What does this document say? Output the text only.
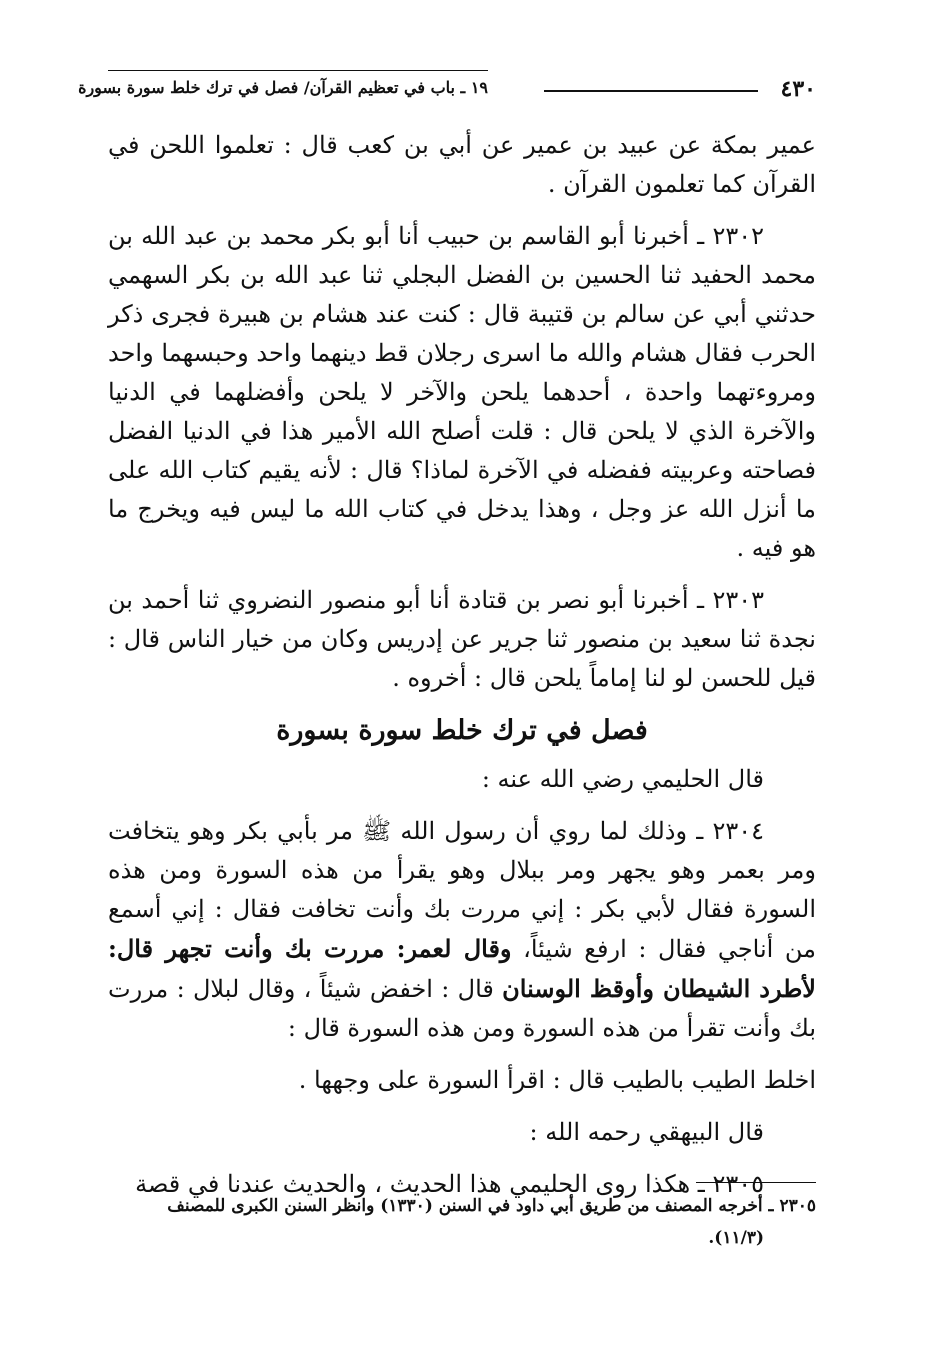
٤٣٠
١٩ ـ باب في تعظيم القرآن/ فصل في ترك خلط سورة بسورة

عمير بمكة عن عبيد بن عمير عن أبي بن كعب قال : تعلموا اللحن في القرآن كما تعلمون القرآن .

٢٣٠٢ ـ أخبرنا أبو القاسم بن حبيب أنا أبو بكر محمد بن عبد الله بن محمد الحفيد ثنا الحسين بن الفضل البجلي ثنا عبد الله بن بكر السهمي حدثني أبي عن سالم بن قتيبة قال : كنت عند هشام بن هبيرة فجرى ذكر الحرب فقال هشام والله ما اسرى رجلان قط دينهما واحد وحبسهما واحد ومروءتهما واحدة ، أحدهما يلحن والآخر لا يلحن وأفضلهما في الدنيا والآخرة الذي لا يلحن قال : قلت أصلح الله الأمير هذا في الدنيا الفضل فصاحته وعربيته ففضله في الآخرة لماذا؟ قال : لأنه يقيم كتاب الله على ما أنزل الله عز وجل ، وهذا يدخل في كتاب الله ما ليس فيه ويخرج ما هو فيه .

٢٣٠٣ ـ أخبرنا أبو نصر بن قتادة أنا أبو منصور النضروي ثنا أحمد بن نجدة ثنا سعيد بن منصور ثنا جرير عن إدريس وكان من خيار الناس قال : قيل للحسن لو لنا إماماً يلحن قال : أخروه .

فصل في ترك خلط سورة بسورة

قال الحليمي رضي الله عنه :

٢٣٠٤ ـ وذلك لما روي أن رسول الله ﷺ مر بأبي بكر وهو يتخافت ومر بعمر وهو يجهر ومر ببلال وهو يقرأ من هذه السورة ومن هذه السورة فقال لأبي بكر : إني مررت بك وأنت تخافت فقال : إني أسمع من أناجي فقال : ارفع شيئاً، وقال لعمر: مررت بك وأنت تجهر قال: لأطرد الشيطان وأوقظ الوسنان قال : اخفض شيئاً ، وقال لبلال : مررت بك وأنت تقرأ من هذه السورة ومن هذه السورة قال :

اخلط الطيب بالطيب قال : اقرأ السورة على وجهها .

قال البيهقي رحمه الله :

٢٣٠٥ ـ هكذا روى الحليمي هذا الحديث ، والحديث عندنا في قصة

٢٣٠٥ ـ أخرجه المصنف من طريق أبي داود في السنن (١٣٣٠) وانظر السنن الكبرى للمصنف

(١١/٣).
